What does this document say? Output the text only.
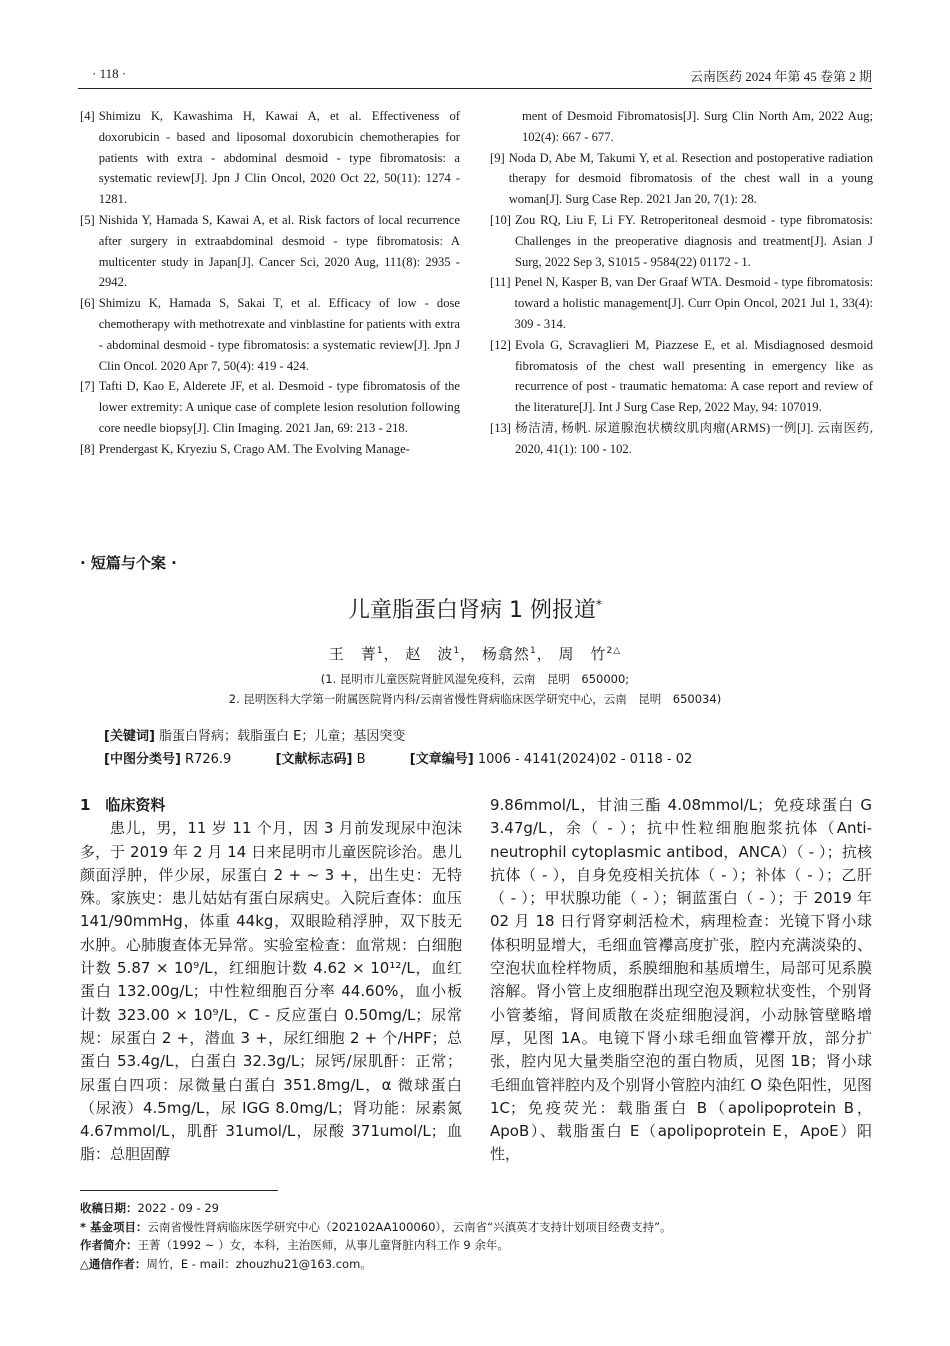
· 118 ·	云南医药 2024 年第 45 卷第 2 期
[4] Shimizu K, Kawashima H, Kawai A, et al. Effectiveness of doxorubicin - based and liposomal doxorubicin chemotherapies for patients with extra - abdominal desmoid - type fibromatosis: a systematic review[J]. Jpn J Clin Oncol, 2020 Oct 22, 50(11): 1274 - 1281.
[5] Nishida Y, Hamada S, Kawai A, et al. Risk factors of local recurrence after surgery in extraabdominal desmoid - type fibromatosis: A multicenter study in Japan[J]. Cancer Sci, 2020 Aug, 111(8): 2935 - 2942.
[6] Shimizu K, Hamada S, Sakai T, et al. Efficacy of low - dose chemotherapy with methotrexate and vinblastine for patients with extra - abdominal desmoid - type fibromatosis: a systematic review[J]. Jpn J Clin Oncol. 2020 Apr 7, 50(4): 419 - 424.
[7] Tafti D, Kao E, Alderete JF, et al. Desmoid - type fibromatosis of the lower extremity: A unique case of complete lesion resolution following core needle biopsy[J]. Clin Imaging. 2021 Jan, 69: 213 - 218.
[8] Prendergast K, Kryeziu S, Crago AM. The Evolving Manage-
ment of Desmoid Fibromatosis[J]. Surg Clin North Am, 2022 Aug; 102(4): 667 - 677.
[9] Noda D, Abe M, Takumi Y, et al. Resection and postoperative radiation therapy for desmoid fibromatosis of the chest wall in a young woman[J]. Surg Case Rep. 2021 Jan 20, 7(1): 28.
[10] Zou RQ, Liu F, Li FY. Retroperitoneal desmoid - type fibromatosis: Challenges in the preoperative diagnosis and treatment[J]. Asian J Surg, 2022 Sep 3, S1015 - 9584(22) 01172 - 1.
[11] Penel N, Kasper B, van Der Graaf WTA. Desmoid - type fibromatosis: toward a holistic management[J]. Curr Opin Oncol, 2021 Jul 1, 33(4): 309 - 314.
[12] Evola G, Scravaglieri M, Piazzese E, et al. Misdiagnosed desmoid fibromatosis of the chest wall presenting in emergency like as recurrence of post - traumatic hematoma: A case report and review of the literature[J]. Int J Surg Case Rep, 2022 May, 94: 107019.
[13] 杨洁清, 杨帆. 尿道腺泡状横纹肌肉瘤(ARMS)一例[J]. 云南医药, 2020, 41(1): 100 - 102.
· 短篇与个案 ·
儿童脂蛋白肾病 1 例报道*
王　菁$^1$， 赵　波$^1$， 杨翕然$^1$， 周　竹$^{2\triangle}$
(1. 昆明市儿童医院肾脏风湿免疫科，云南　昆明　650000;
2. 昆明医科大学第一附属医院肾内科/云南省慢性肾病临床医学研究中心，云南　昆明　650034)
[关键词] 脂蛋白肾病；载脂蛋白 E；儿童；基因突变
[中图分类号] R726.9	[文献标志码] B	[文章编号] 1006 - 4141(2024)02 - 0118 - 02
1　临床资料

患儿，男，11 岁 11 个月，因 3 月前发现尿中泡沫多，于 2019 年 2 月 14 日来昆明市儿童医院诊治。患儿颜面浮肿，伴少尿，尿蛋白 2 + ~ 3 +，出生史：无特殊。家族史：患儿姑姑有蛋白尿病史。入院后查体：血压 141/90mmHg，体重 44kg，双眼睑稍浮肿，双下肢无水肿。心肺腹查体无异常。实验室检查：血常规：白细胞计数 5.87 × 10⁹/L，红细胞计数 4.62 × 10¹²/L，血红蛋白 132.00g/L；中性粒细胞百分率 44.60%，血小板计数 323.00 × 10⁹/L，C - 反应蛋白 0.50mg/L；尿常规：尿蛋白 2 +，潜血 3 +，尿红细胞 2 + 个/HPF；总蛋白 53.4g/L，白蛋白 32.3g/L；尿钙/尿肌酐：正常；尿蛋白四项：尿微量白蛋白 351.8mg/L，α 微球蛋白（尿液）4.5mg/L，尿 IGG 8.0mg/L；肾功能：尿素氮 4.67mmol/L，肌酐 31umol/L，尿酸 371umol/L；血脂：总胆固醇

9.86mmol/L，甘油三酯 4.08mmol/L；免疫球蛋白 G 3.47g/L，余（ - ）；抗中性粒细胞胞浆抗体（Anti-neutrophil cytoplasmic antibod，ANCA）（ - ）；抗核抗体（ - ），自身免疫相关抗体（ - ）；补体（ - ）；乙肝（ - ）；甲状腺功能（ - ）；铜蓝蛋白（ - ）；于 2019 年 02 月 18 日行肾穿刺活检术，病理检查：光镜下肾小球体积明显增大，毛细血管襻高度扩张，腔内充满淡染的、空泡状血栓样物质，系膜细胞和基质增生，局部可见系膜溶解。肾小管上皮细胞群出现空泡及颗粒状变性，个别肾小管萎缩，肾间质散在炎症细胞浸润，小动脉管壁略增厚，见图 1A。电镜下肾小球毛细血管襻开放，部分扩张，腔内见大量类脂空泡的蛋白物质，见图 1B；肾小球毛细血管袢腔内及个别肾小管腔内油红 O 染色阳性，见图 1C；免疫荧光：载脂蛋白 B（apolipoprotein B，ApoB）、载脂蛋白 E（apolipoprotein E，ApoE）阳性，

收稿日期：2022 - 09 - 29
* 基金项目：云南省慢性肾病临床医学研究中心（202102AA100060），云南省“兴滇英才支持计划项目经费支持”。
作者简介：王菁（1992 ~ ）女，本科，主治医师，从事儿童肾脏内科工作 9 余年。
△通信作者：周竹，E - mail：zhouzhu21@163.com。
